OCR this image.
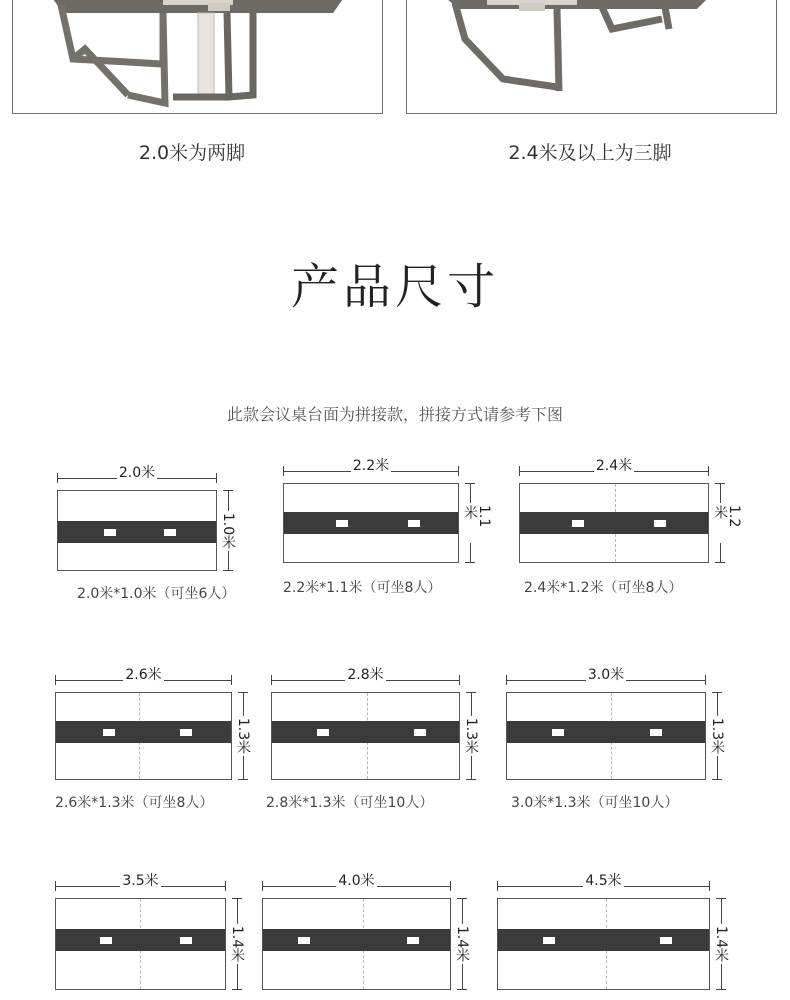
2.0米为两脚	2.4米及以上为三脚
产品尺寸
此款会议桌台面为拼接款，拼接方式请参考下图
2.0米
1.0米
2.0米*1.0米（可坐6人）
2.2米
1.1米
2.2米*1.1米（可坐8人）
2.4米
1.2米
2.4米*1.2米（可坐8人）
2.6米
1.3米
2.6米*1.3米（可坐8人）
2.8米
1.3米
2.8米*1.3米（可坐10人）
3.0米
1.3米
3.0米*1.3米（可坐10人）
3.5米
1.4米
4.0米
1.4米
4.5米
1.4米
